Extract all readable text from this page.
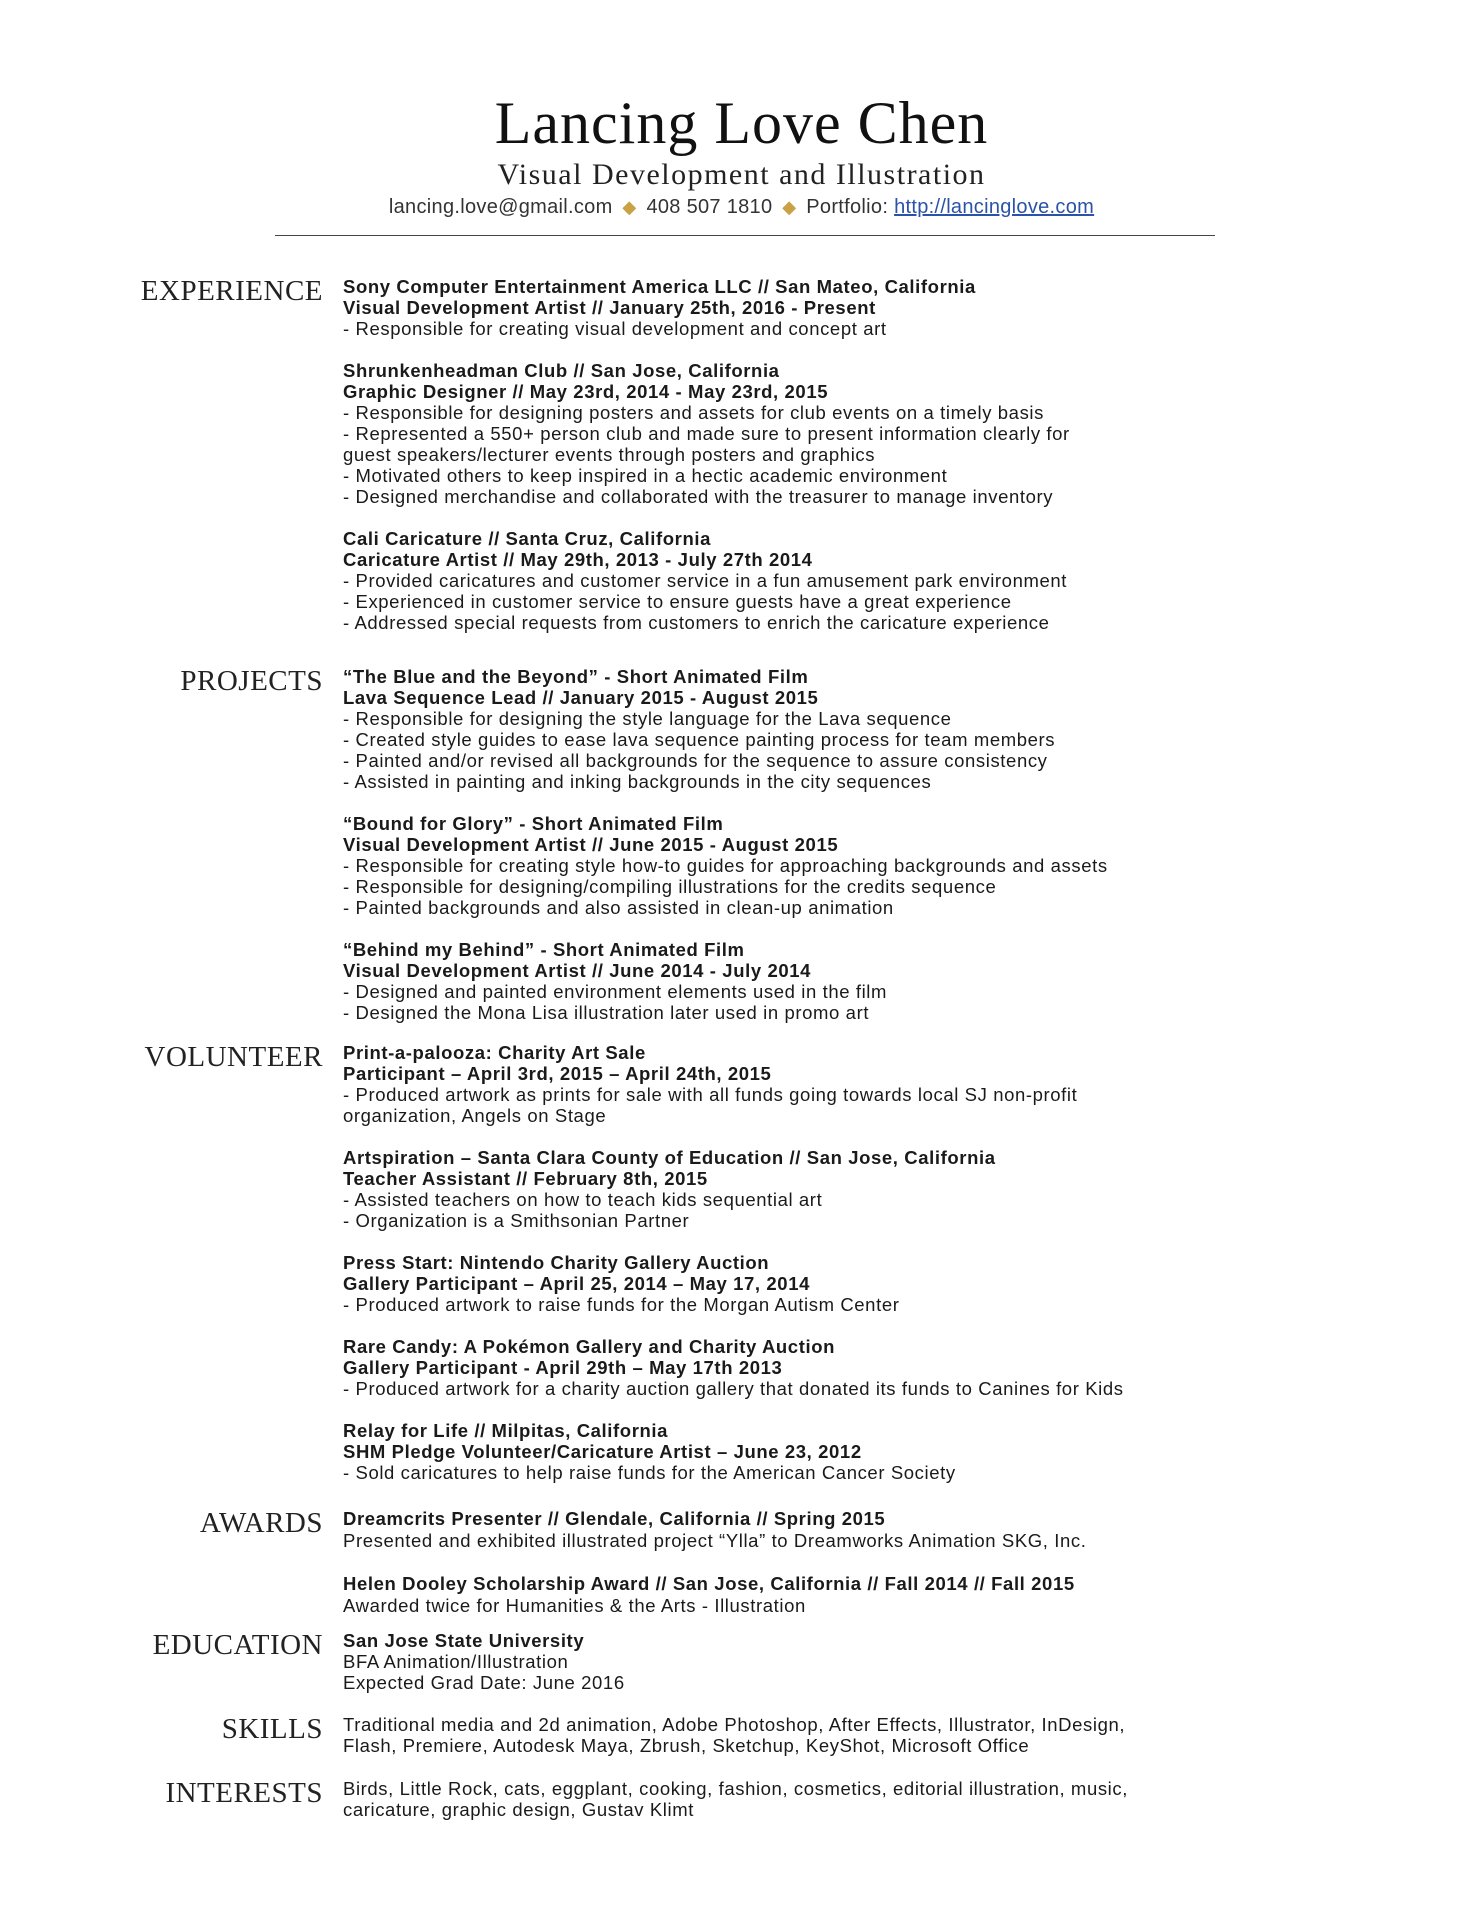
Lancing Love Chen
Visual Development and Illustration
lancing.love@gmail.com ◆ 408 507 1810 ◆ Portfolio: http://lancinglove.com
EXPERIENCE Sony Computer Entertainment America LLC // San Mateo, California
Visual Development Artist // January 25th, 2016 - Present
- Responsible for creating visual development and concept art
Shrunkenheadman Club // San Jose, California
Graphic Designer // May 23rd, 2014 - May 23rd, 2015
- Responsible for designing posters and assets for club events on a timely basis
- Represented a 550+ person club and made sure to present information clearly for
guest speakers/lecturer events through posters and graphics
- Motivated others to keep inspired in a hectic academic environment
- Designed merchandise and collaborated with the treasurer to manage inventory
Cali Caricature // Santa Cruz, California
Caricature Artist // May 29th, 2013 - July 27th 2014
- Provided caricatures and customer service in a fun amusement park environment
- Experienced in customer service to ensure guests have a great experience
- Addressed special requests from customers to enrich the caricature experience
PROJECTS “The Blue and the Beyond” - Short Animated Film
Lava Sequence Lead // January 2015 - August 2015
- Responsible for designing the style language for the Lava sequence
- Created style guides to ease lava sequence painting process for team members
- Painted and/or revised all backgrounds for the sequence to assure consistency
- Assisted in painting and inking backgrounds in the city sequences
“Bound for Glory” - Short Animated Film
Visual Development Artist // June 2015 - August 2015
- Responsible for creating style how-to guides for approaching backgrounds and assets
- Responsible for designing/compiling illustrations for the credits sequence
- Painted backgrounds and also assisted in clean-up animation
“Behind my Behind” - Short Animated Film
Visual Development Artist // June 2014 - July 2014
- Designed and painted environment elements used in the film
- Designed the Mona Lisa illustration later used in promo art
VOLUNTEER Print-a-palooza: Charity Art Sale
Participant – April 3rd, 2015 – April 24th, 2015
- Produced artwork as prints for sale with all funds going towards local SJ non-profit
organization, Angels on Stage
Artspiration – Santa Clara County of Education // San Jose, California
Teacher Assistant // February 8th, 2015
- Assisted teachers on how to teach kids sequential art
- Organization is a Smithsonian Partner
Press Start: Nintendo Charity Gallery Auction
Gallery Participant – April 25, 2014 – May 17, 2014
- Produced artwork to raise funds for the Morgan Autism Center
Rare Candy: A Pokémon Gallery and Charity Auction
Gallery Participant - April 29th – May 17th 2013
- Produced artwork for a charity auction gallery that donated its funds to Canines for Kids
Relay for Life // Milpitas, California
SHM Pledge Volunteer/Caricature Artist – June 23, 2012
- Sold caricatures to help raise funds for the American Cancer Society
AWARDS Dreamcrits Presenter // Glendale, California // Spring 2015
Presented and exhibited illustrated project “Ylla” to Dreamworks Animation SKG, Inc.
Helen Dooley Scholarship Award // San Jose, California // Fall 2014 // Fall 2015
Awarded twice for Humanities & the Arts - Illustration
EDUCATION San Jose State University
BFA Animation/Illustration
Expected Grad Date: June 2016
SKILLS Traditional media and 2d animation, Adobe Photoshop, After Effects, Illustrator, InDesign,
Flash, Premiere, Autodesk Maya, Zbrush, Sketchup, KeyShot, Microsoft Office
INTERESTS Birds, Little Rock, cats, eggplant, cooking, fashion, cosmetics, editorial illustration, music,
caricature, graphic design, Gustav Klimt
